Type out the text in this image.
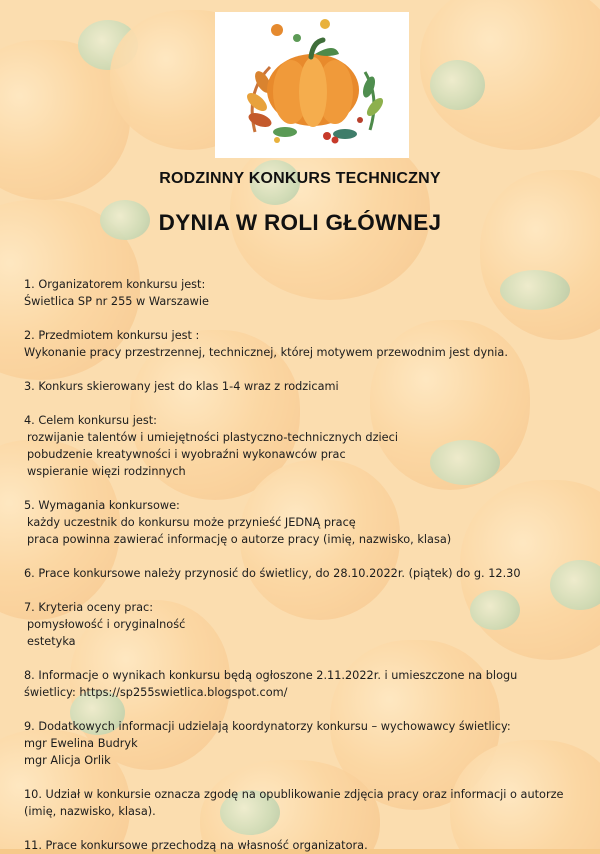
RODZINNY KONKURS TECHNICZNY
DYNIA W ROLI GŁÓWNEJ
1. Organizatorem konkursu jest:
Świetlica SP nr 255 w Warszawie
2. Przedmiotem konkursu jest :
Wykonanie pracy przestrzennej, technicznej, której motywem przewodnim jest dynia.
3. Konkurs skierowany jest do klas 1-4 wraz z rodzicami
4. Celem konkursu jest:
rozwijanie talentów i umiejętności plastyczno-technicznych dzieci
pobudzenie kreatywności i wyobraźni wykonawców prac
wspieranie więzi rodzinnych
5. Wymagania konkursowe:
każdy uczestnik do konkursu może przynieść JEDNĄ pracę
praca powinna zawierać informację o autorze pracy (imię, nazwisko, klasa)
6. Prace konkursowe należy przynosić do świetlicy, do 28.10.2022r. (piątek) do g. 12.30
7. Kryteria oceny prac:
pomysłowość i oryginalność
estetyka
8. Informacje o wynikach konkursu będą ogłoszone 2.11.2022r. i umieszczone na blogu
świetlicy: https://sp255swietlica.blogspot.com/
9. Dodatkowych informacji udzielają koordynatorzy konkursu – wychowawcy świetlicy:
mgr Ewelina Budryk
mgr Alicja Orlik
10. Udział w konkursie oznacza zgodę na opublikowanie zdjęcia pracy oraz informacji o autorze
(imię, nazwisko, klasa).
11. Prace konkursowe przechodzą na własność organizatora.
